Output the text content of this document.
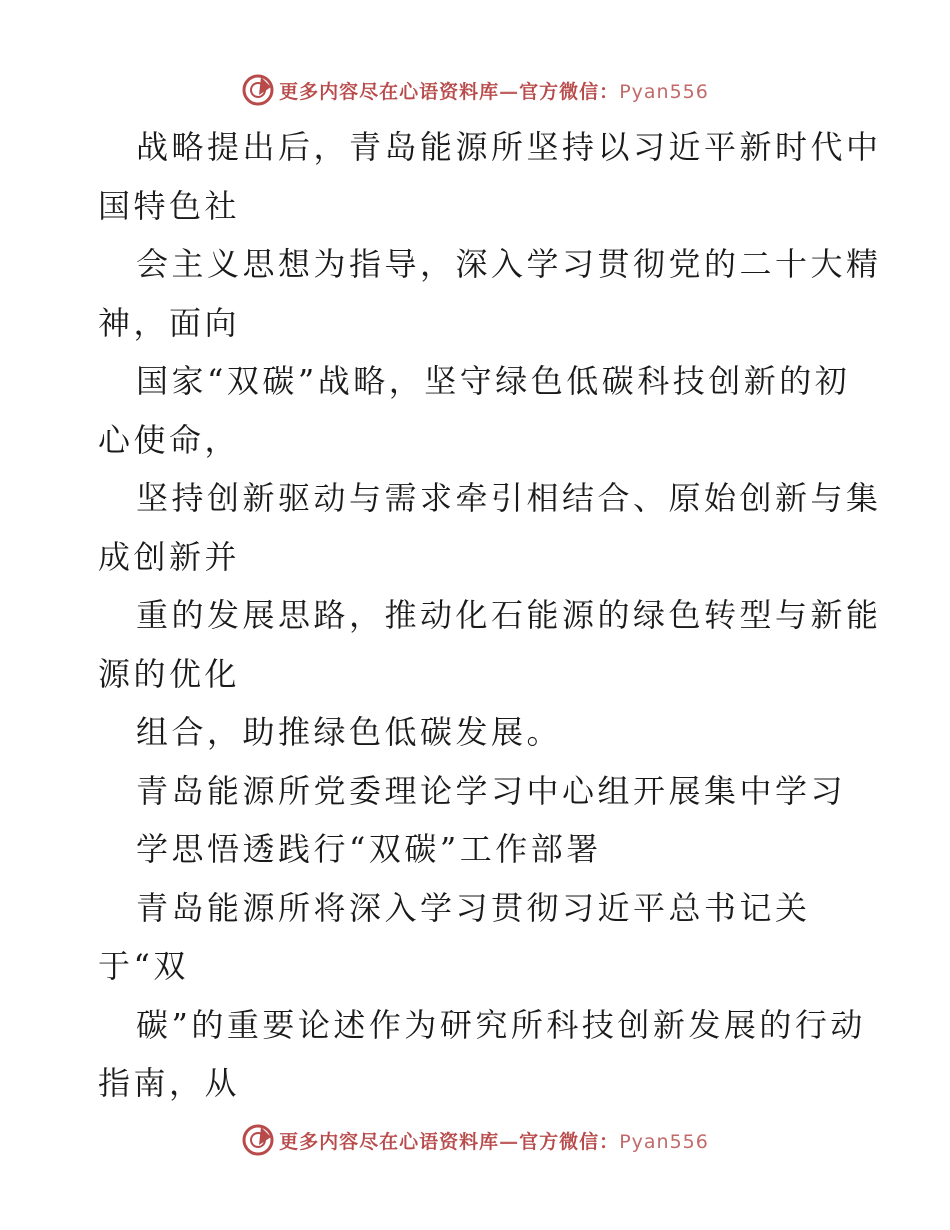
更多内容尽在心语资料库—官方微信：Pyan556
战略提出后，青岛能源所坚持以习近平新时代中
国特色社
会主义思想为指导，深入学习贯彻党的二十大精
神，面向
国家“双碳”战略，坚守绿色低碳科技创新的初
心使命，
坚持创新驱动与需求牵引相结合、原始创新与集
成创新并
重的发展思路，推动化石能源的绿色转型与新能
源的优化
组合，助推绿色低碳发展。
青岛能源所党委理论学习中心组开展集中学习
学思悟透践行“双碳”工作部署
青岛能源所将深入学习贯彻习近平总书记关
于“双
碳”的重要论述作为研究所科技创新发展的行动
指南，从
更多内容尽在心语资料库—官方微信：Pyan556
